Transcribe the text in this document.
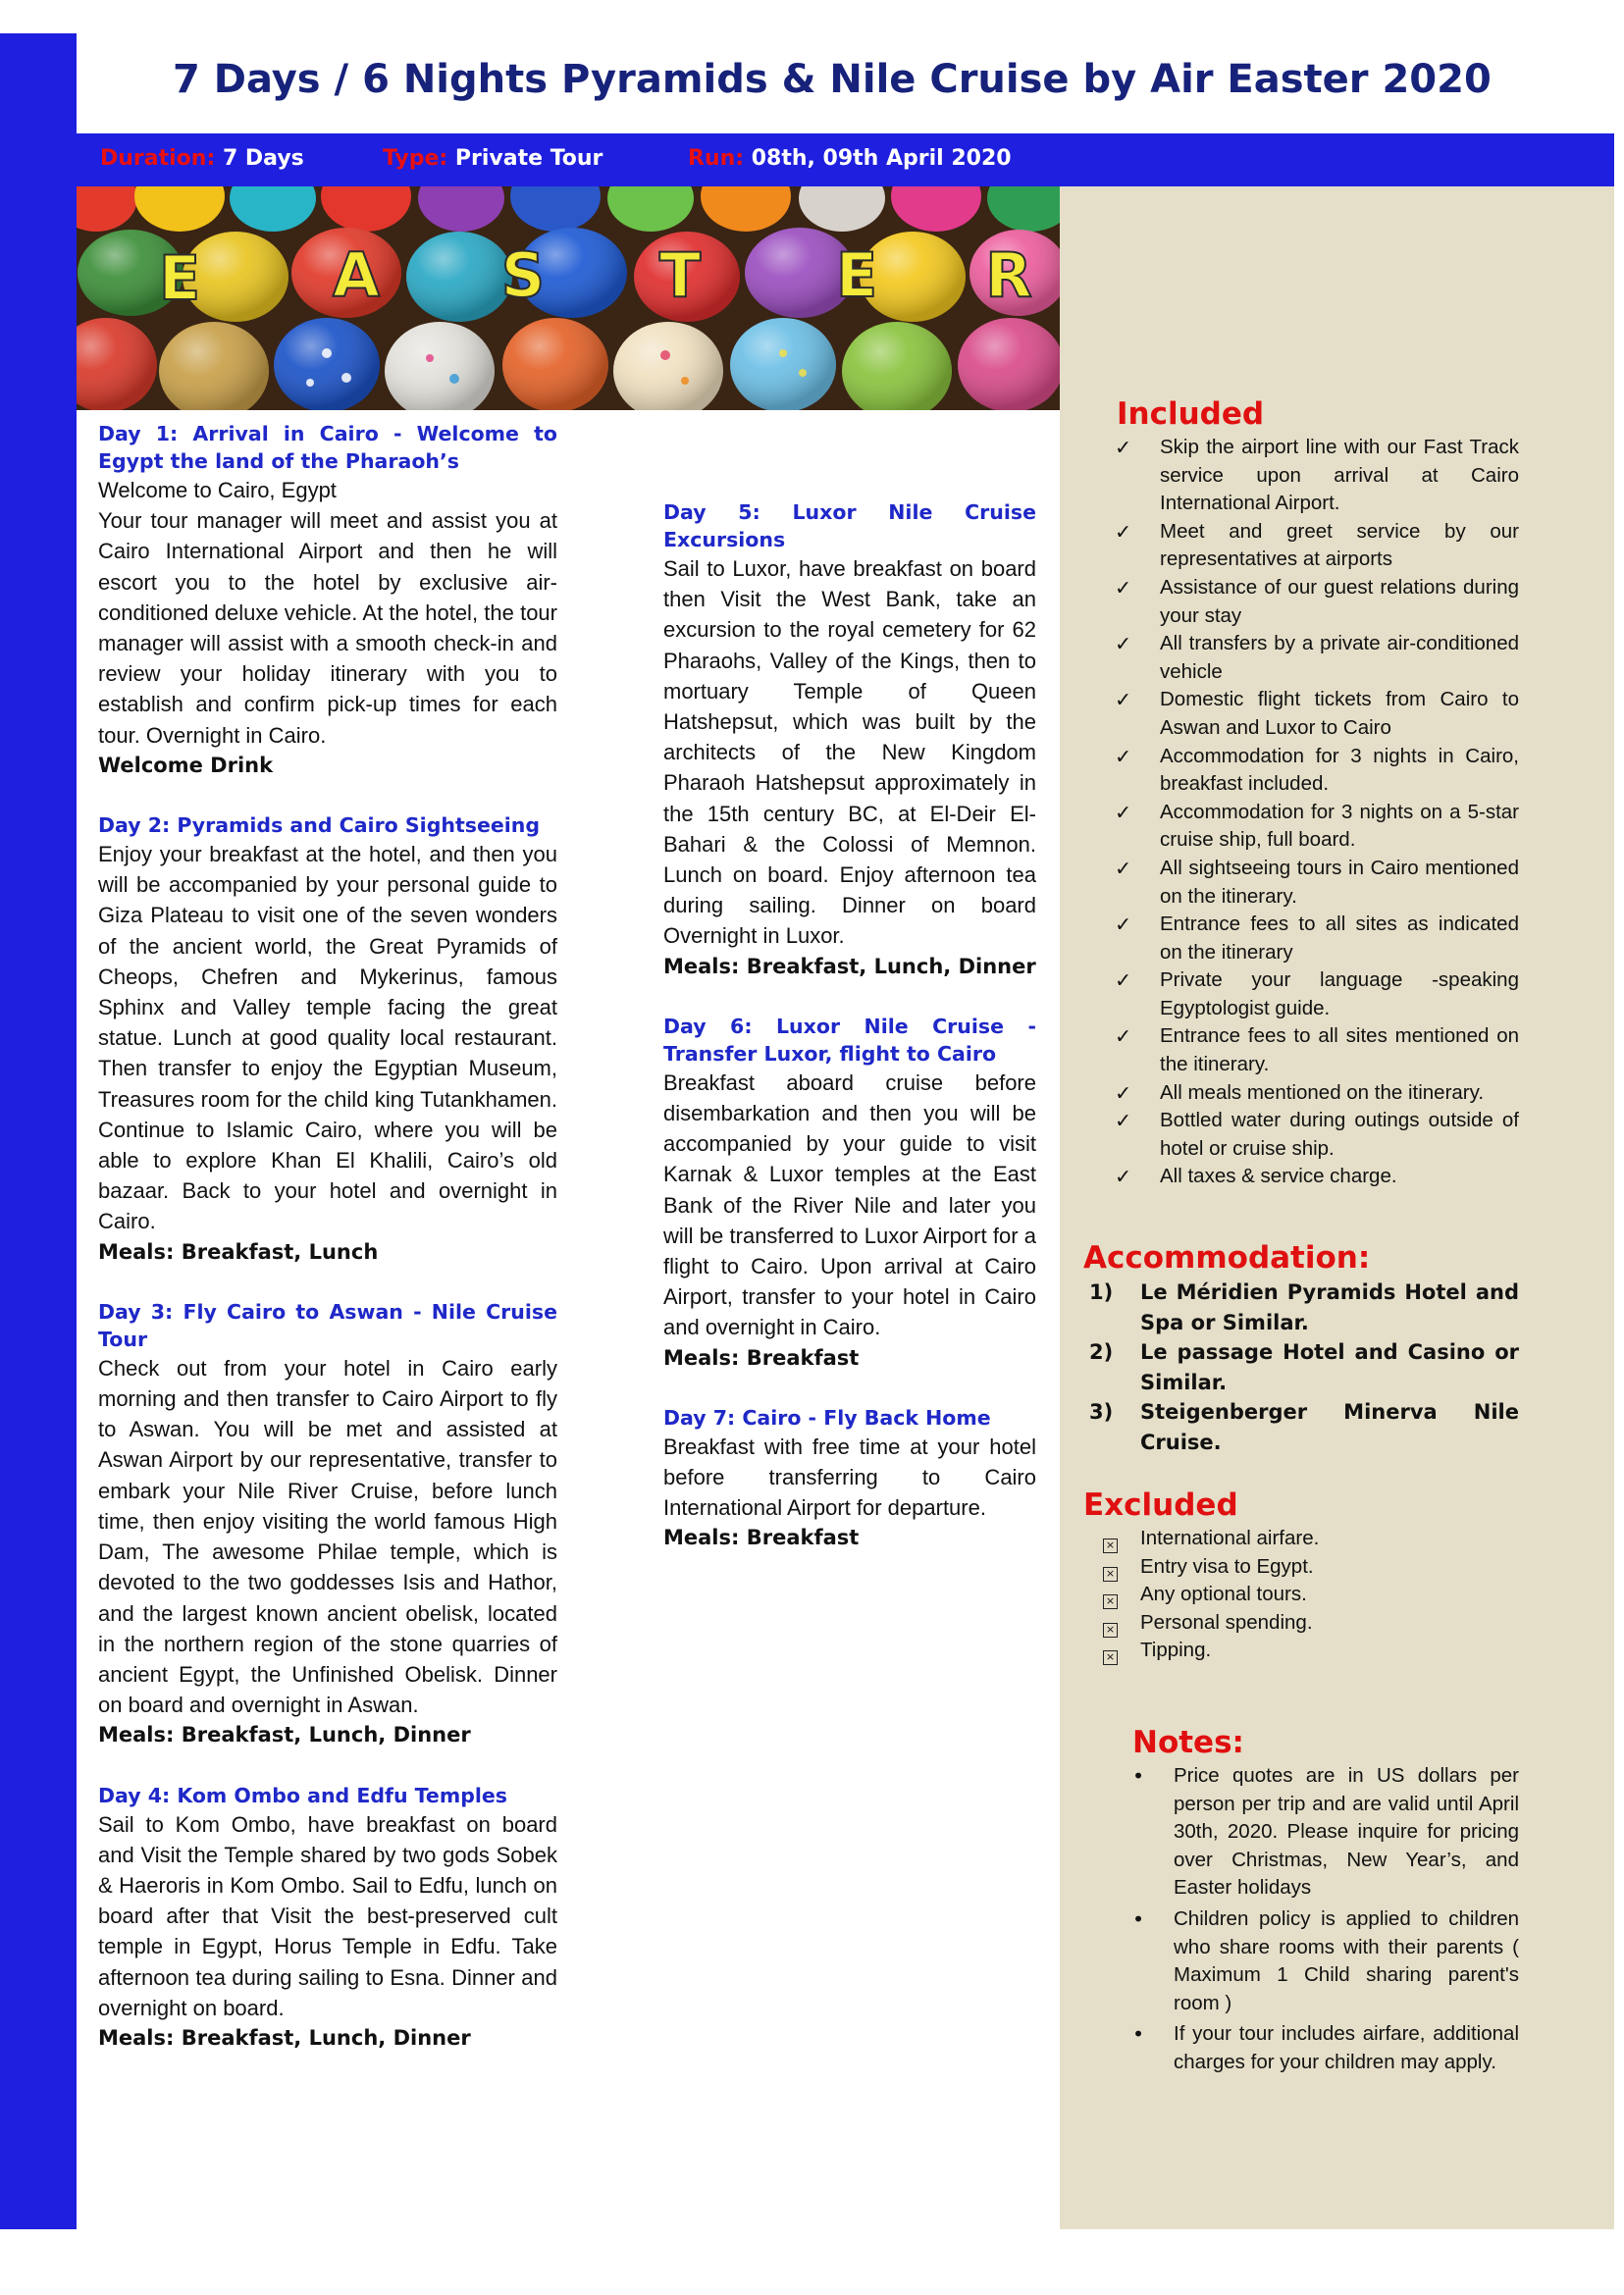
7 Days / 6 Nights Pyramids & Nile Cruise by Air Easter 2020
Duration: 7 Days	Type: Private Tour	Run: 08th, 09th April 2020
E A S T E R
Day 1: Arrival in Cairo - Welcome to Egypt the land of the Pharaoh’s
Welcome to Cairo, Egypt
Your tour manager will meet and assist you at Cairo International Airport and then he will escort you to the hotel by exclusive air-conditioned deluxe vehicle. At the hotel, the tour manager will assist with a smooth check-in and review your holiday itinerary with you to establish and confirm pick-up times for each tour. Overnight in Cairo.
Welcome Drink
Day 2: Pyramids and Cairo Sightseeing
Enjoy your breakfast at the hotel, and then you will be accompanied by your personal guide to Giza Plateau to visit one of the seven wonders of the ancient world, the Great Pyramids of Cheops, Chefren and Mykerinus, famous Sphinx and Valley temple facing the great statue. Lunch at good quality local restaurant. Then transfer to enjoy the Egyptian Museum, Treasures room for the child king Tutankhamen. Continue to Islamic Cairo, where you will be able to explore Khan El Khalili, Cairo’s old bazaar. Back to your hotel and overnight in Cairo.
Meals: Breakfast, Lunch
Day 3: Fly Cairo to Aswan - Nile Cruise Tour
Check out from your hotel in Cairo early morning and then transfer to Cairo Airport to fly to Aswan. You will be met and assisted at Aswan Airport by our representative, transfer to embark your Nile River Cruise, before lunch time, then enjoy visiting the world famous High Dam, The awesome Philae temple, which is devoted to the two goddesses Isis and Hathor, and the largest known ancient obelisk, located in the northern region of the stone quarries of ancient Egypt, the Unfinished Obelisk. Dinner on board and overnight in Aswan.
Meals: Breakfast, Lunch, Dinner
Day 4: Kom Ombo and Edfu Temples
Sail to Kom Ombo, have breakfast on board and Visit the Temple shared by two gods Sobek & Haeroris in Kom Ombo. Sail to Edfu, lunch on board after that Visit the best-preserved cult temple in Egypt, Horus Temple in Edfu. Take afternoon tea during sailing to Esna. Dinner and overnight on board.
Meals: Breakfast, Lunch, Dinner
Day 5: Luxor Nile Cruise Excursions
Sail to Luxor, have breakfast on board then Visit the West Bank, take an excursion to the royal cemetery for 62 Pharaohs, Valley of the Kings, then to mortuary Temple of Queen Hatshepsut, which was built by the architects of the New Kingdom Pharaoh Hatshepsut approximately in the 15th century BC, at El-Deir El-Bahari & the Colossi of Memnon. Lunch on board. Enjoy afternoon tea during sailing. Dinner on board Overnight in Luxor.
Meals: Breakfast, Lunch, Dinner
Day 6: Luxor Nile Cruise - Transfer Luxor, flight to Cairo
Breakfast aboard cruise before disembarkation and then you will be accompanied by your guide to visit Karnak & Luxor temples at the East Bank of the River Nile and later you will be transferred to Luxor Airport for a flight to Cairo. Upon arrival at Cairo Airport, transfer to your hotel in Cairo and overnight in Cairo.
Meals: Breakfast
Day 7: Cairo - Fly Back Home
Breakfast with free time at your hotel before transferring to Cairo International Airport for departure.
Meals: Breakfast
Included
✓ Skip the airport line with our Fast Track service upon arrival at Cairo International Airport.
✓ Meet and greet service by our representatives at airports
✓ Assistance of our guest relations during your stay
✓ All transfers by a private air-conditioned vehicle
✓ Domestic flight tickets from Cairo to Aswan and Luxor to Cairo
✓ Accommodation for 3 nights in Cairo, breakfast included.
✓ Accommodation for 3 nights on a 5-star cruise ship, full board.
✓ All sightseeing tours in Cairo mentioned on the itinerary.
✓ Entrance fees to all sites as indicated on the itinerary
✓ Private your language -speaking Egyptologist guide.
✓ Entrance fees to all sites mentioned on the itinerary.
✓ All meals mentioned on the itinerary.
✓ Bottled water during outings outside of hotel or cruise ship.
✓ All taxes & service charge.
Accommodation:
1) Le Méridien Pyramids Hotel and Spa or Similar.
2) Le passage Hotel and Casino or Similar.
3) Steigenberger Minerva Nile Cruise.
Excluded
× International airfare.
× Entry visa to Egypt.
× Any optional tours.
× Personal spending.
× Tipping.
Notes:
• Price quotes are in US dollars per person per trip and are valid until April 30th, 2020. Please inquire for pricing over Christmas, New Year’s, and Easter holidays
• Children policy is applied to children who share rooms with their parents ( Maximum 1 Child sharing parent's room )
• If your tour includes airfare, additional charges for your children may apply.
